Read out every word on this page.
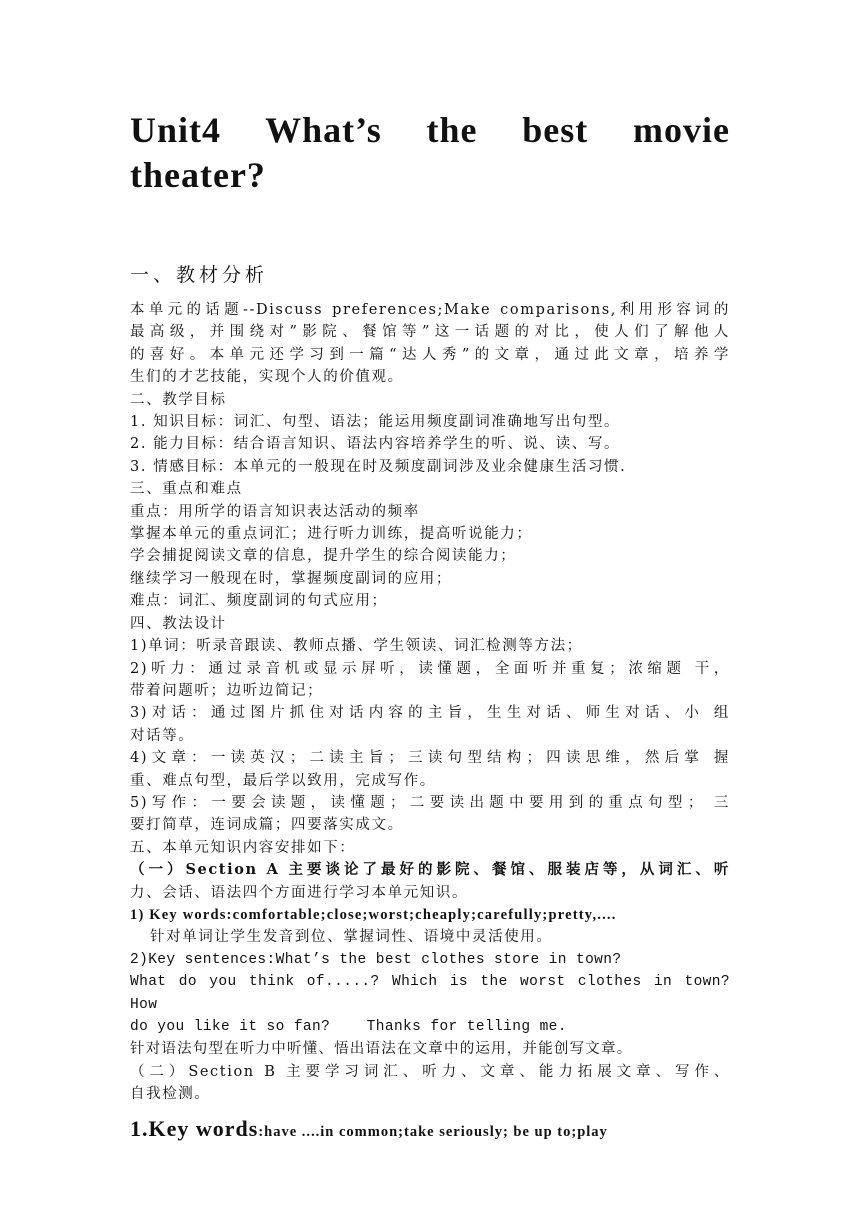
Unit4 What’s the best movie

theater?

一、教材分析

本单元的话题--Discuss preferences;Make comparisons,利用形容词的

最高级，并围绕对”影院、餐馆等”这一话题的对比，使人们了解他人

的喜好。本单元还学习到一篇“达人秀”的文章，通过此文章，培养学

生们的才艺技能，实现个人的价值观。

二、教学目标

1. 知识目标：词汇、句型、语法；能运用频度副词准确地写出句型。

2. 能力目标：结合语言知识、语法内容培养学生的听、说、读、写。

3. 情感目标：本单元的一般现在时及频度副词涉及业余健康生活习惯.

三、重点和难点

重点：用所学的语言知识表达活动的频率

掌握本单元的重点词汇；进行听力训练，提高听说能力；

学会捕捉阅读文章的信息，提升学生的综合阅读能力；

继续学习一般现在时，掌握频度副词的应用；

难点：词汇、频度副词的句式应用；

四、教法设计

1)单词：听录音跟读、教师点播、学生领读、词汇检测等方法；

2)听力：通过录音机或显示屏听，读懂题，全面听并重复；浓缩题 干，

带着问题听；边听边简记；

3)对话：通过图片抓住对话内容的主旨，生生对话、师生对话、小 组

对话等。

4)文章：一读英汉；二读主旨；三读句型结构；四读思维，然后掌 握

重、难点句型，最后学以致用，完成写作。

5)写作：一要会读题，读懂题；二要读出题中要用到的重点句型； 三

要打简草，连词成篇；四要落实成文。

五、本单元知识内容安排如下：

（一）Section A 主要谈论了最好的影院、餐馆、服装店等，从词汇、听

力、会话、语法四个方面进行学习本单元知识。

1) Key words:comfortable;close;worst;cheaply;carefully;pretty,....

针对单词让学生发音到位、掌握词性、语境中灵活使用。

2)Key sentences:What’s the best clothes store in town?

What do you think of.....? Which is the worst clothes in town? How

do you like it so fan?    Thanks for telling me.

针对语法句型在听力中听懂、悟出语法在文章中的运用，并能创写文章。

（二）Section B 主要学习词汇、听力、文章、能力拓展文章、写作、

自我检测。

1.Key words:have ....in common;take seriously; be up to;play
